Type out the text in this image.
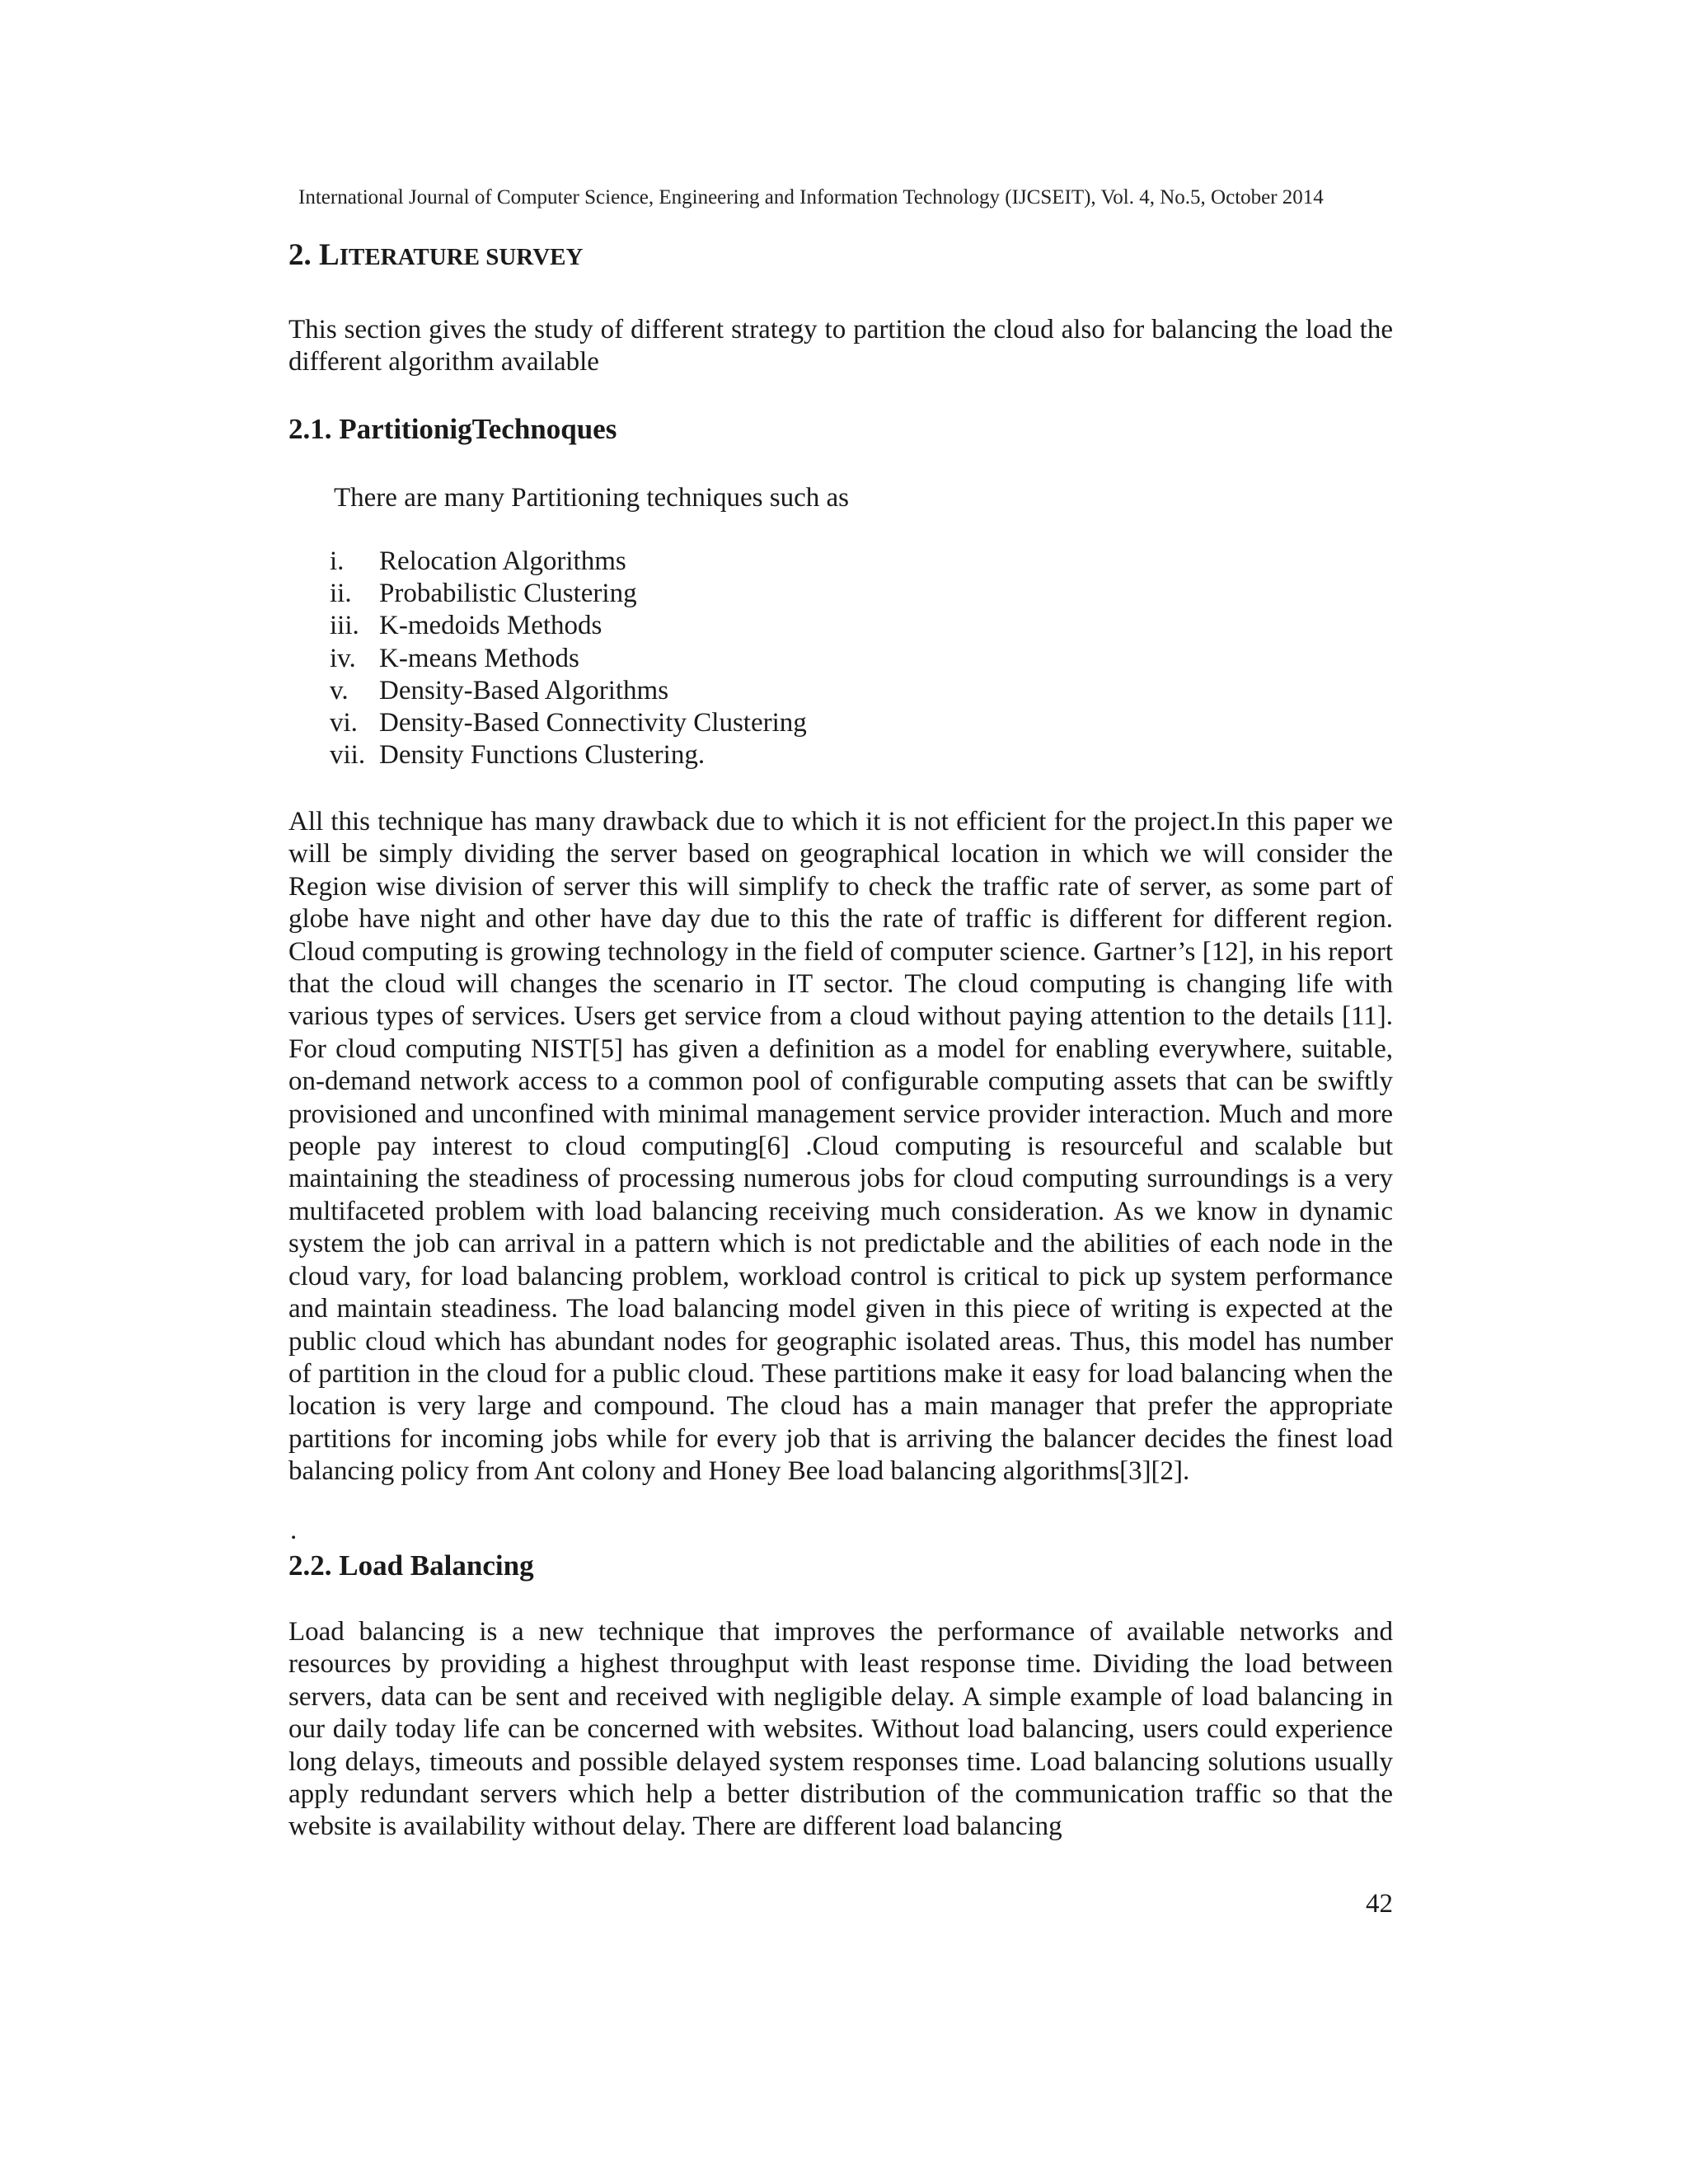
International Journal of Computer Science, Engineering and Information Technology (IJCSEIT), Vol. 4, No.5, October 2014
2. LITERATURE SURVEY

This section gives the study of different strategy to partition the cloud also for balancing the load the different algorithm available

2.1. PartitionigTechnoques
There are many Partitioning techniques such as
i. Relocation Algorithms
ii. Probabilistic Clustering
iii. K-medoids Methods
iv. K-means Methods
v. Density-Based Algorithms
vi. Density-Based Connectivity Clustering
vii. Density Functions Clustering.

All this technique has many drawback due to which it is not efficient for the project.In this paper we will be simply dividing the server based on geographical location in which we will consider the Region wise division of server this will simplify to check the traffic rate of server, as some part of globe have night and other have day due to this the rate of traffic is different for different region. Cloud computing is growing technology in the field of computer science. Gartner’s [12], in his report that the cloud will changes the scenario in IT sector. The cloud computing is changing life with various types of services. Users get service from a cloud without paying attention to the details [11]. For cloud computing NIST[5] has given a definition as a model for enabling everywhere, suitable, on-demand network access to a common pool of configurable computing assets that can be swiftly provisioned and unconfined with minimal management service provider interaction. Much and more people pay interest to cloud computing[6] .Cloud computing is resourceful and scalable but maintaining the steadiness of processing numerous jobs for cloud computing surroundings is a very multifaceted problem with load balancing receiving much consideration. As we know in dynamic system the job can arrival in a pattern which is not predictable and the abilities of each node in the cloud vary, for load balancing problem, workload control is critical to pick up system performance and maintain steadiness. The load balancing model given in this piece of writing is expected at the public cloud which has abundant nodes for geographic isolated areas. Thus, this model has number of partition in the cloud for a public cloud. These partitions make it easy for load balancing when the location is very large and compound. The cloud has a main manager that prefer the appropriate partitions for incoming jobs while for every job that is arriving the balancer decides the finest load balancing policy from Ant colony and Honey Bee load balancing algorithms[3][2].

.
2.2. Load Balancing

Load balancing is a new technique that improves the performance of available networks and resources by providing a highest throughput with least response time. Dividing the load between servers, data can be sent and received with negligible delay. A simple example of load balancing in our daily today life can be concerned with websites. Without load balancing, users could experience long delays, timeouts and possible delayed system responses time. Load balancing solutions usually apply redundant servers which help a better distribution of the communication traffic so that the website is availability without delay. There are different load balancing

42
